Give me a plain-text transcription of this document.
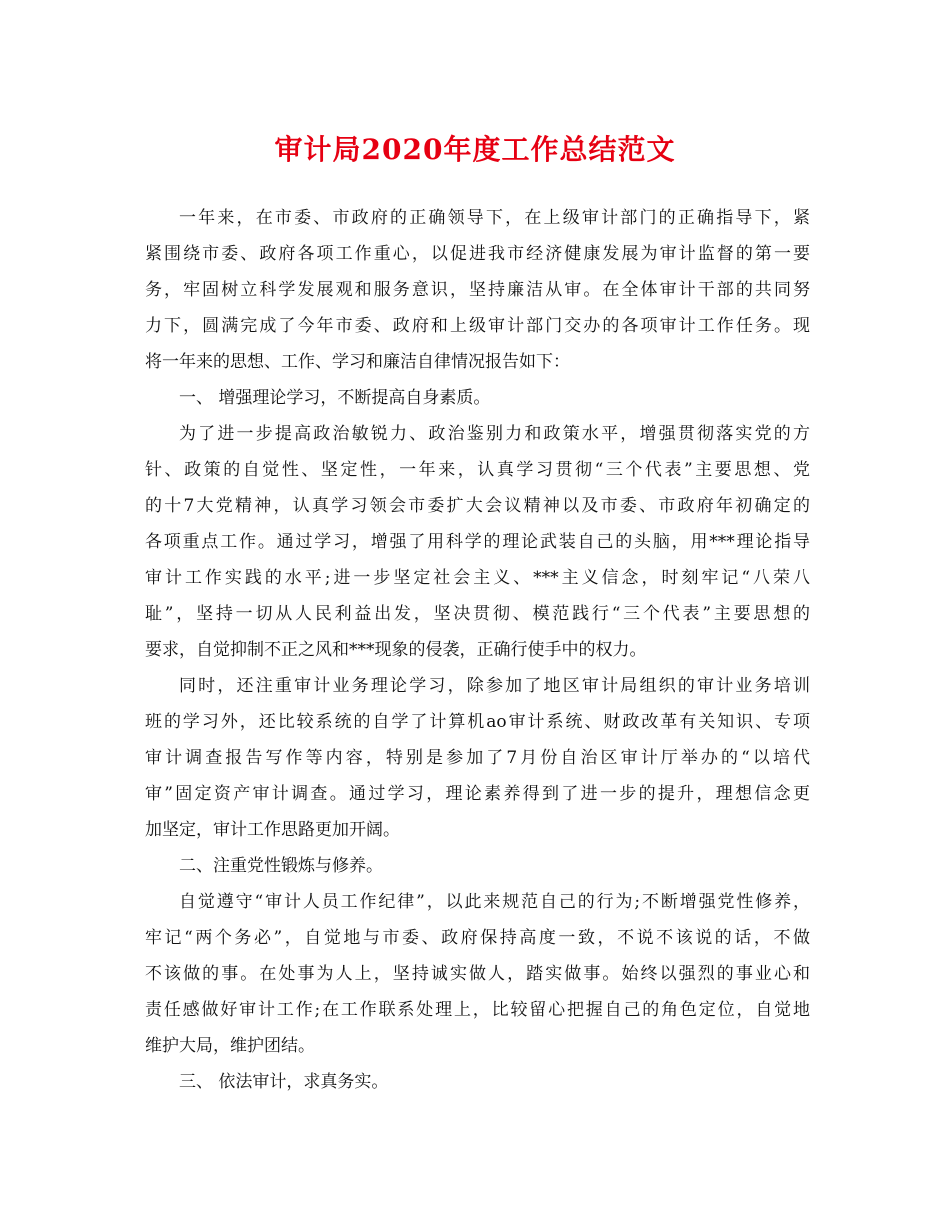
审计局2020年度工作总结范文
一年来，在市委、市政府的正确领导下，在上级审计部门的正确指导下，紧
紧围绕市委、政府各项工作重心，以促进我市经济健康发展为审计监督的第一要
务，牢固树立科学发展观和服务意识，坚持廉洁从审。在全体审计干部的共同努
力下，圆满完成了今年市委、政府和上级审计部门交办的各项审计工作任务。现
将一年来的思想、工作、学习和廉洁自律情况报告如下：
一、 增强理论学习，不断提高自身素质。
为了进一步提高政治敏锐力、政治鉴别力和政策水平，增强贯彻落实党的方
针、政策的自觉性、坚定性，一年来，认真学习贯彻“三个代表”主要思想、党
的十7大党精神，认真学习领会市委扩大会议精神以及市委、市政府年初确定的
各项重点工作。通过学习，增强了用科学的理论武装自己的头脑，用***理论指导
审计工作实践的水平;进一步坚定社会主义、***主义信念，时刻牢记“八荣八
耻”，坚持一切从人民利益出发，坚决贯彻、模范践行“三个代表”主要思想的
要求，自觉抑制不正之风和***现象的侵袭，正确行使手中的权力。
同时，还注重审计业务理论学习，除参加了地区审计局组织的审计业务培训
班的学习外，还比较系统的自学了计算机ao审计系统、财政改革有关知识、专项
审计调查报告写作等内容，特别是参加了7月份自治区审计厅举办的“以培代
审”固定资产审计调查。通过学习，理论素养得到了进一步的提升，理想信念更
加坚定，审计工作思路更加开阔。
二、注重党性锻炼与修养。
自觉遵守“审计人员工作纪律”，以此来规范自己的行为;不断增强党性修养，
牢记“两个务必”，自觉地与市委、政府保持高度一致，不说不该说的话，不做
不该做的事。在处事为人上，坚持诚实做人，踏实做事。始终以强烈的事业心和
责任感做好审计工作;在工作联系处理上，比较留心把握自己的角色定位，自觉地
维护大局，维护团结。
三、 依法审计，求真务实。
